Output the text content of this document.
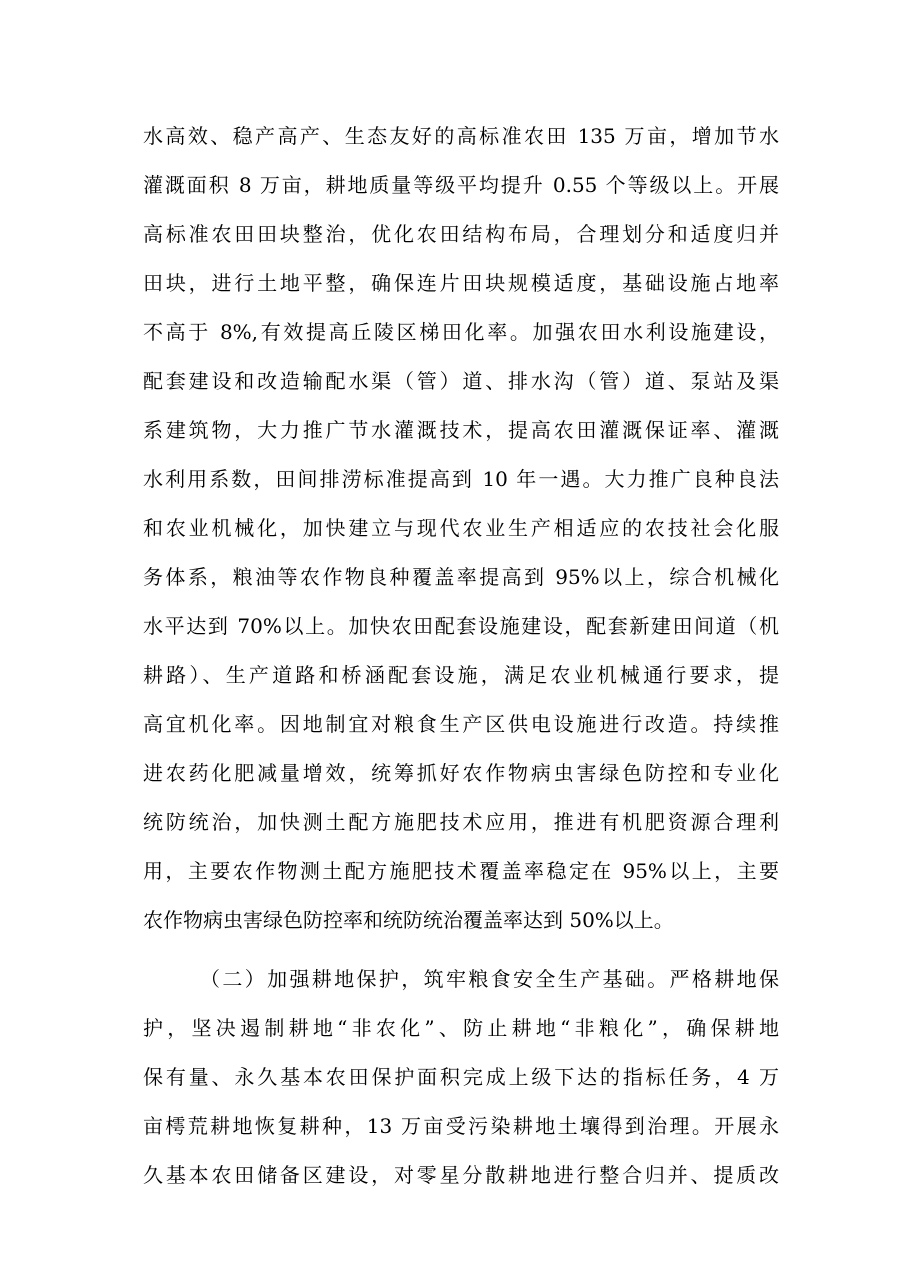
水高效、稳产高产、生态友好的高标准农田 135 万亩，增加节水
灌溉面积 8 万亩，耕地质量等级平均提升 0.55 个等级以上。开展
高标准农田田块整治，优化农田结构布局，合理划分和适度归并
田块，进行土地平整，确保连片田块规模适度，基础设施占地率
不高于 8%,有效提高丘陵区梯田化率。加强农田水利设施建设，
配套建设和改造输配水渠（管）道、排水沟（管）道、泵站及渠
系建筑物，大力推广节水灌溉技术，提高农田灌溉保证率、灌溉
水利用系数，田间排涝标准提高到 10 年一遇。大力推广良种良法
和农业机械化，加快建立与现代农业生产相适应的农技社会化服
务体系，粮油等农作物良种覆盖率提高到 95%以上，综合机械化
水平达到 70%以上。加快农田配套设施建设，配套新建田间道（机
耕路）、生产道路和桥涵配套设施，满足农业机械通行要求，提
高宜机化率。因地制宜对粮食生产区供电设施进行改造。持续推
进农药化肥减量增效，统筹抓好农作物病虫害绿色防控和专业化
统防统治，加快测土配方施肥技术应用，推进有机肥资源合理利
用，主要农作物测土配方施肥技术覆盖率稳定在 95%以上，主要
农作物病虫害绿色防控率和统防统治覆盖率达到 50%以上。
（二）加强耕地保护，筑牢粮食安全生产基础。严格耕地保
护，坚决遏制耕地“非农化”、防止耕地“非粮化”，确保耕地
保有量、永久基本农田保护面积完成上级下达的指标任务，4 万
亩樗荒耕地恢复耕种，13 万亩受污染耕地土壤得到治理。开展永
久基本农田储备区建设，对零星分散耕地进行整合归并、提质改
